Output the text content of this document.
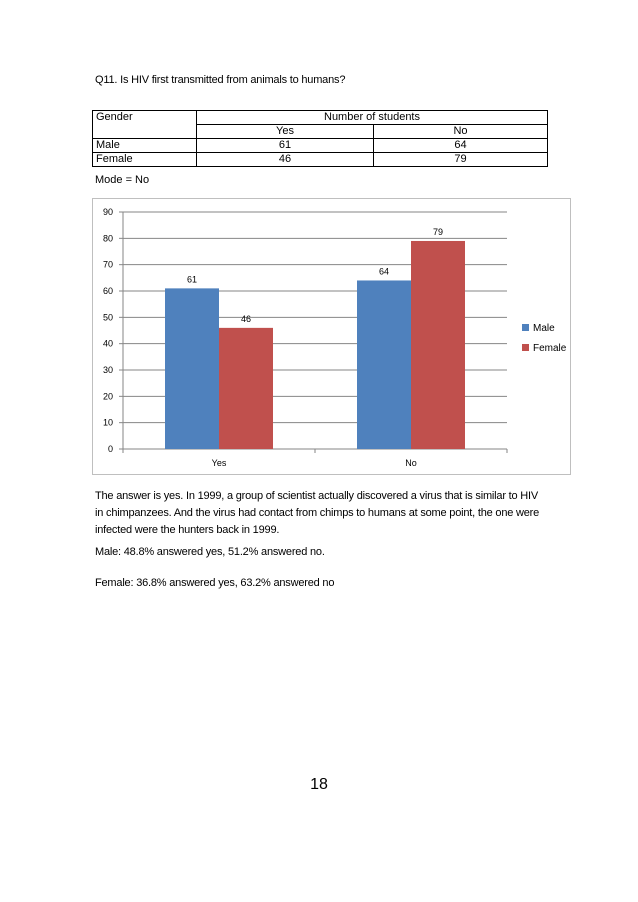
Q11. Is HIV first transmitted from animals to humans?
Gender	Number of students	
	Yes	No
Male	61	64
Female	46	79
Mode = No
0
10
20
30
40
50
60
70
80
90
61
46
Yes
64
79
No
Male
Female
The answer is yes. In 1999, a group of scientist actually discovered a virus that is similar to HIV in chimpanzees. And the virus had contact from chimps to humans at some point, the one were infected were the hunters back in 1999.
Male: 48.8% answered yes, 51.2% answered no.
Female: 36.8% answered yes, 63.2% answered no
18
